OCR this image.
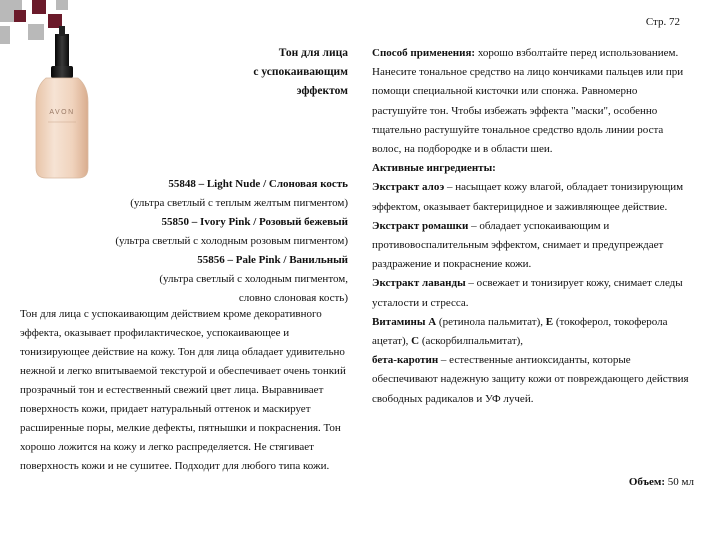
Стр. 72
AVON
Тон для лица
с успокаивающим
эффектом
55848 – Light Nude / Слоновая кость
(ультра светлый с теплым желтым пигментом)
55850 – Ivory Pink / Розовый бежевый
(ультра светлый с холодным розовым пигментом)
55856 – Pale Pink / Ванильный
(ультра светлый с холодным пигментом,
словно слоновая кость)
Тон для лица с успокаивающим действием кроме декоративного эффекта, оказывает профилактическое, успокаивающее и тонизирующее действие на кожу. Тон для лица обладает удивительно нежной и легко впитываемой текстурой и обеспечивает очень тонкий прозрачный тон и естественный свежий цвет лица. Выравнивает поверхность кожи, придает натуральный оттенок и маскирует расширенные поры, мелкие дефекты, пятнышки и покраснения. Тон хорошо ложится на кожу и легко распределяется. Не стягивает поверхность кожи и не сушитее. Подходит для любого типа кожи.

Способ применения: хорошо взболтайте перед использованием. Нанесите тональное средство на лицо кончиками пальцев или при помощи специальной кисточки или спонжа. Равномерно растушуйте тон. Чтобы избежать эффекта "маски", особенно тщательно растушуйте тональное средство вдоль линии роста волос, на подбородке и в области шеи.

Активные ингредиенты:

Экстракт алоэ – насыщает кожу влагой, обладает тонизирующим эффектом, оказывает бактерицидное и заживляющее действие.

Экстракт ромашки – обладает успокаивающим и противовоспалительным эффектом, снимает и предупреждает раздражение и покраснение кожи.

Экстракт лаванды – освежает и тонизирует кожу, снимает следы усталости и стресса.

Витамины А (ретинола пальмитат), Е (токоферол, токоферола ацетат), С (аскорбилпальмитат),

бета-каротин – естественные антиоксиданты, которые обеспечивают надежную защиту кожи от повреждающего действия свободных радикалов и УФ лучей.

Объем: 50 мл
